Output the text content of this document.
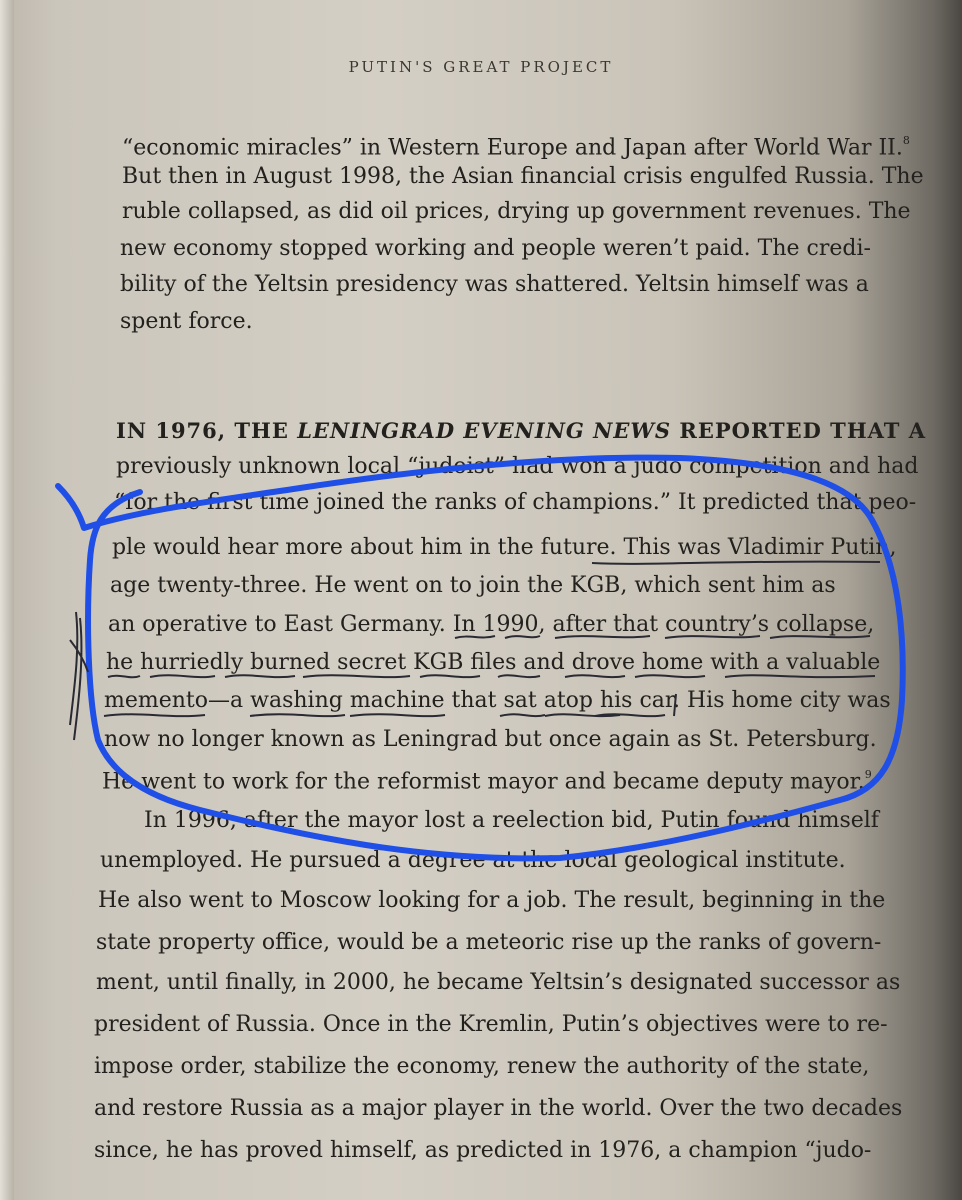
PUTIN'S GREAT PROJECT
“economic miracles” in Western Europe and Japan after World War II.$^8$
But then in August 1998, the Asian financial crisis engulfed Russia. The
ruble collapsed, as did oil prices, drying up government revenues. The
new economy stopped working and people weren’t paid. The credi-
bility of the Yeltsin presidency was shattered. Yeltsin himself was a
spent force.
IN 1976, THE LENINGRAD EVENING NEWS REPORTED THAT A
previously unknown local “judoist” had won a judo competition and had
“for the first time joined the ranks of champions.” It predicted that peo-
ple would hear more about him in the future. This was Vladimir Putin,
age twenty-three. He went on to join the KGB, which sent him as
an operative to East Germany. In 1990, after that country’s collapse,
he hurriedly burned secret KGB files and drove home with a valuable
memento—a washing machine that sat atop his car. His home city was
now no longer known as Leningrad but once again as St. Petersburg.
He went to work for the reformist mayor and became deputy mayor.$^9$
In 1996, after the mayor lost a reelection bid, Putin found himself
unemployed. He pursued a degree at the local geological institute.
He also went to Moscow looking for a job. The result, beginning in the
state property office, would be a meteoric rise up the ranks of govern-
ment, until finally, in 2000, he became Yeltsin’s designated successor as
president of Russia. Once in the Kremlin, Putin’s objectives were to re-
impose order, stabilize the economy, renew the authority of the state,
and restore Russia as a major player in the world. Over the two decades
since, he has proved himself, as predicted in 1976, a champion “judo-
